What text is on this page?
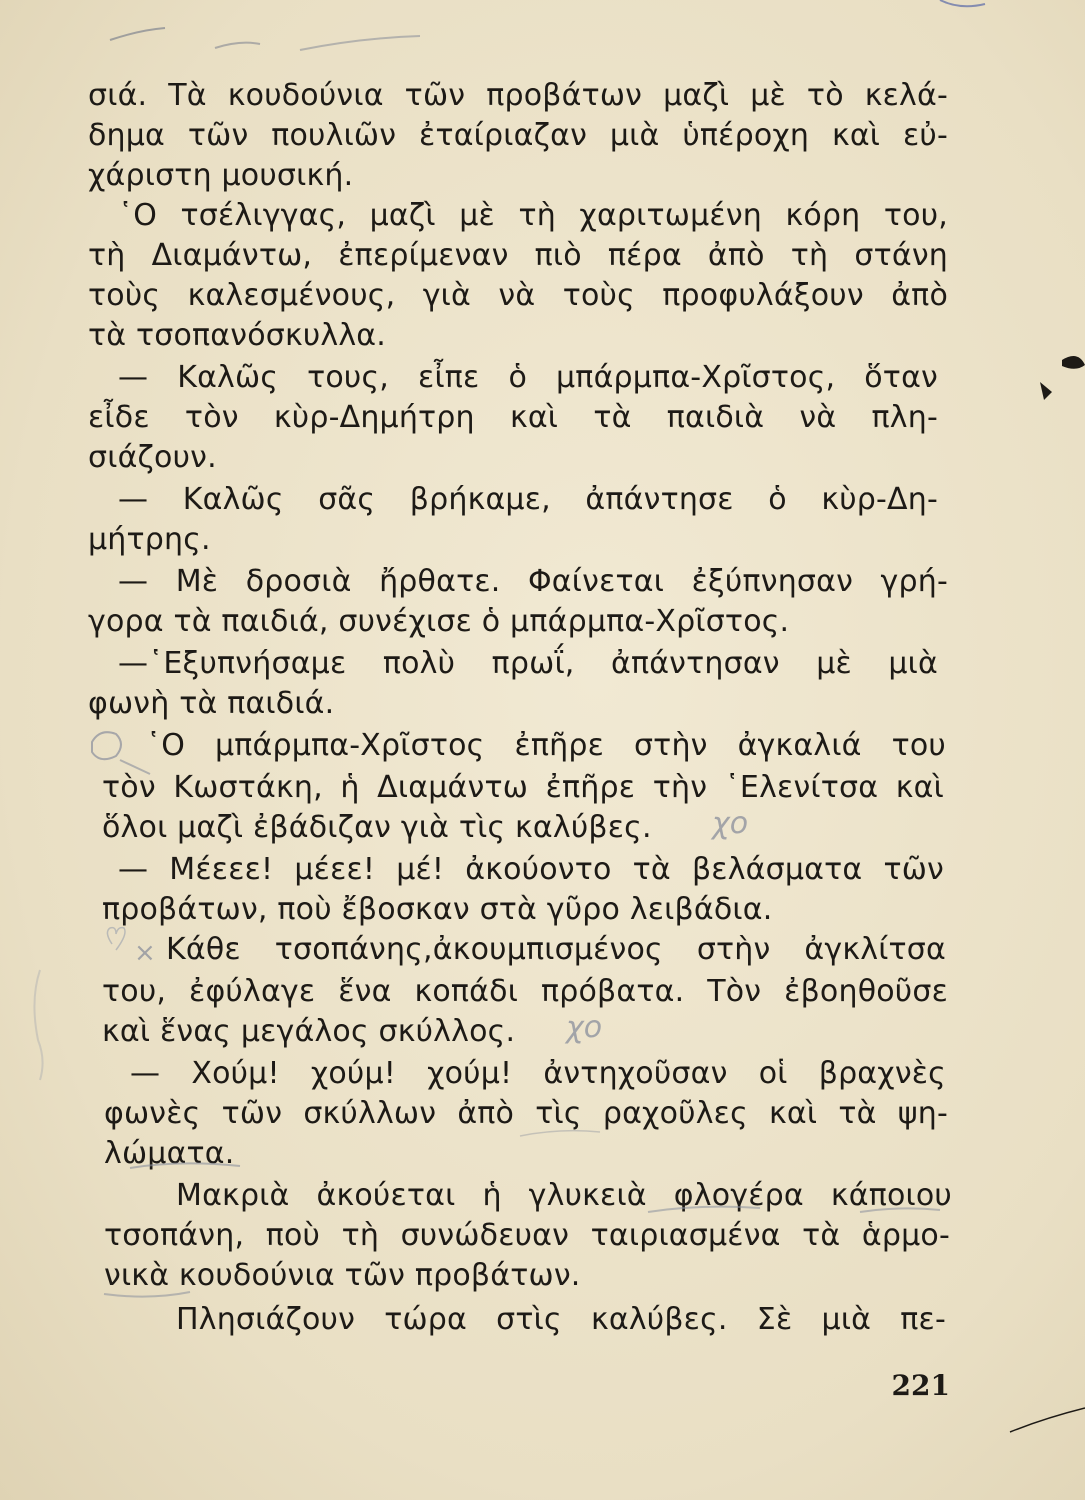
σιά. Τὰ κουδούνια τῶν προβάτων μαζὶ μὲ τὸ κελά-
δημα τῶν πουλιῶν ἐταίριαζαν μιὰ ὑπέροχη καὶ εὐ-
χάριστη μουσική.
῾Ο τσέλιγγας, μαζὶ μὲ τὴ χαριτωμένη κόρη του,
τὴ Διαμάντω, ἐπερίμεναν πιὸ πέρα ἀπὸ τὴ στάνη
τοὺς καλεσμένους, γιὰ νὰ τοὺς προφυλάξουν ἀπὸ
τὰ τσοπανόσκυλλα.
— Καλῶς τους, εἶπε ὁ μπάρμπα-Χρῖστος, ὅταν
εἶδε τὸν κὺρ-Δημήτρη καὶ τὰ παιδιὰ νὰ πλη-
σιάζουν.
— Καλῶς σᾶς βρήκαμε, ἀπάντησε ὁ κὺρ-Δη-
μήτρης.
— Μὲ δροσιὰ ἤρθατε. Φαίνεται ἐξύπνησαν γρή-
γορα τὰ παιδιά, συνέχισε ὁ μπάρμπα-Χρῖστος.
—῾Εξυπνήσαμε πολὺ πρωΐ, ἀπάντησαν μὲ μιὰ
φωνὴ τὰ παιδιά.
῾Ο μπάρμπα-Χρῖστος ἐπῆρε στὴν ἀγκαλιά του
τὸν Κωστάκη, ἡ Διαμάντω ἐπῆρε τὴν ῾Ελενίτσα καὶ
ὅλοι μαζὶ ἐβάδιζαν γιὰ τὶς καλύβες.
— Μέεεε! μέεε! μέ! ἀκούοντο τὰ βελάσματα τῶν
προβάτων, ποὺ ἔβοσκαν στὰ γῦρο λειβάδια.
Κάθε τσοπάνης,ἀκουμπισμένος στὴν ἀγκλίτσα
του, ἐφύλαγε ἕνα κοπάδι πρόβατα. Τὸν ἐβοηθοῦσε
καὶ ἕνας μεγάλος σκύλλος.
— Χούμ! χούμ! χούμ! ἀντηχοῦσαν οἱ βραχνὲς
φωνὲς τῶν σκύλλων ἀπὸ τὶς ραχοῦλες καὶ τὰ ψη-
λώματα.
Μακριὰ ἀκούεται ἡ γλυκειὰ φλογέρα κάποιου
τσοπάνη, ποὺ τὴ συνώδευαν ταιριασμένα τὰ ἁρμο-
νικὰ κουδούνια τῶν προβάτων.
Πλησιάζουν τώρα στὶς καλύβες. Σὲ μιὰ πε-
221
χο
×
χο
